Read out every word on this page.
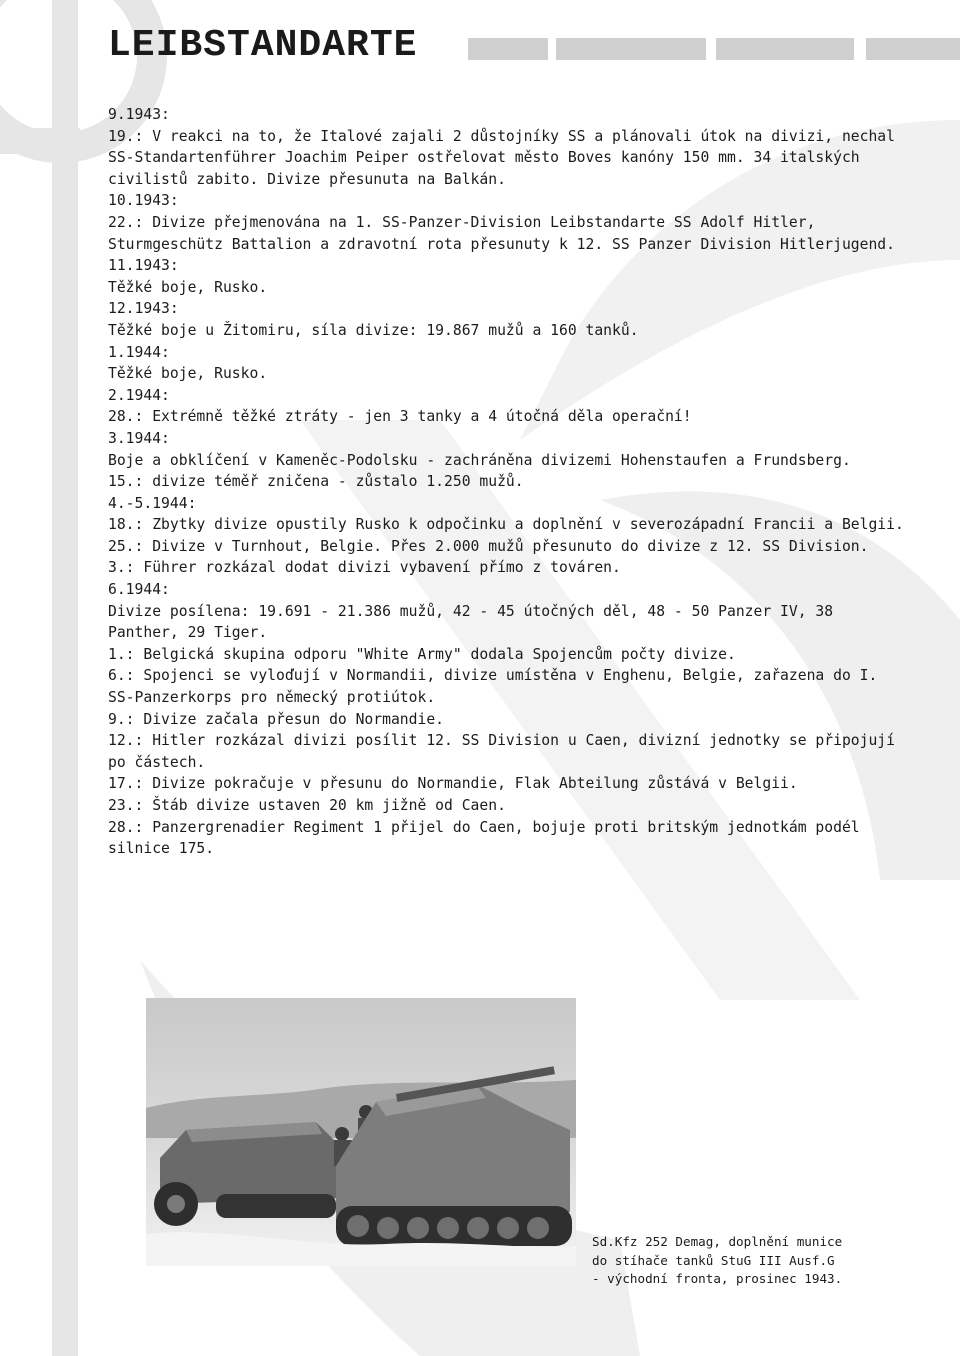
LEIBSTANDARTE

9.1943:

19.: V reakci na to, že Italové zajali 2 důstojníky SS a plánovali útok na divizi, nechal SS-Standartenführer Joachim Peiper ostřelovat město Boves kanóny 150 mm. 34 italských civilistů zabito. Divize přesunuta na Balkán.

10.1943:

22.: Divize přejmenována na 1. SS-Panzer-Division Leibstandarte SS Adolf Hitler, Sturmgeschütz Battalion a zdravotní rota přesunuty k 12. SS Panzer Division Hitlerjugend.

11.1943:

Těžké boje, Rusko.

12.1943:

Těžké boje u Žitomiru, síla divize: 19.867 mužů a 160 tanků.

1.1944:

Těžké boje, Rusko.

2.1944:

28.: Extrémně těžké ztráty - jen 3 tanky a 4 útočná děla operační!

3.1944:

Boje a obklíčení v Kameněc-Podolsku - zachráněna divizemi Hohenstaufen a Frundsberg.

15.: divize téměř zničena - zůstalo 1.250 mužů.

4.-5.1944:

18.: Zbytky divize opustily Rusko k odpočinku a doplnění v severozápadní Francii a Belgii.

25.: Divize v Turnhout, Belgie. Přes 2.000 mužů přesunuto do divize z 12. SS Division.

3.: Führer rozkázal dodat divizi vybavení přímo z továren.

6.1944:

Divize posílena: 19.691 - 21.386 mužů, 42 - 45 útočných děl, 48 - 50 Panzer IV, 38 Panther, 29 Tiger.

1.: Belgická skupina odporu "White Army" dodala Spojencům počty divize.

6.: Spojenci se vyloďují v Normandii, divize umístěna v Enghenu, Belgie, zařazena do I. SS-Panzerkorps pro německý protiútok.

9.: Divize začala přesun do Normandie.

12.: Hitler rozkázal divizi posílit 12. SS Division u Caen, divizní jednotky se připojují po částech.

17.: Divize pokračuje v přesunu do Normandie, Flak Abteilung zůstává v Belgii.

23.: Štáb divize ustaven 20 km jižně od Caen.

28.: Panzergrenadier Regiment 1 přijel do Caen, bojuje proti britským jednotkám podél silnice 175.

Sd.Kfz 252 Demag, doplnění munice

do stíhače tanků StuG III Ausf.G

- východní fronta, prosinec 1943.
